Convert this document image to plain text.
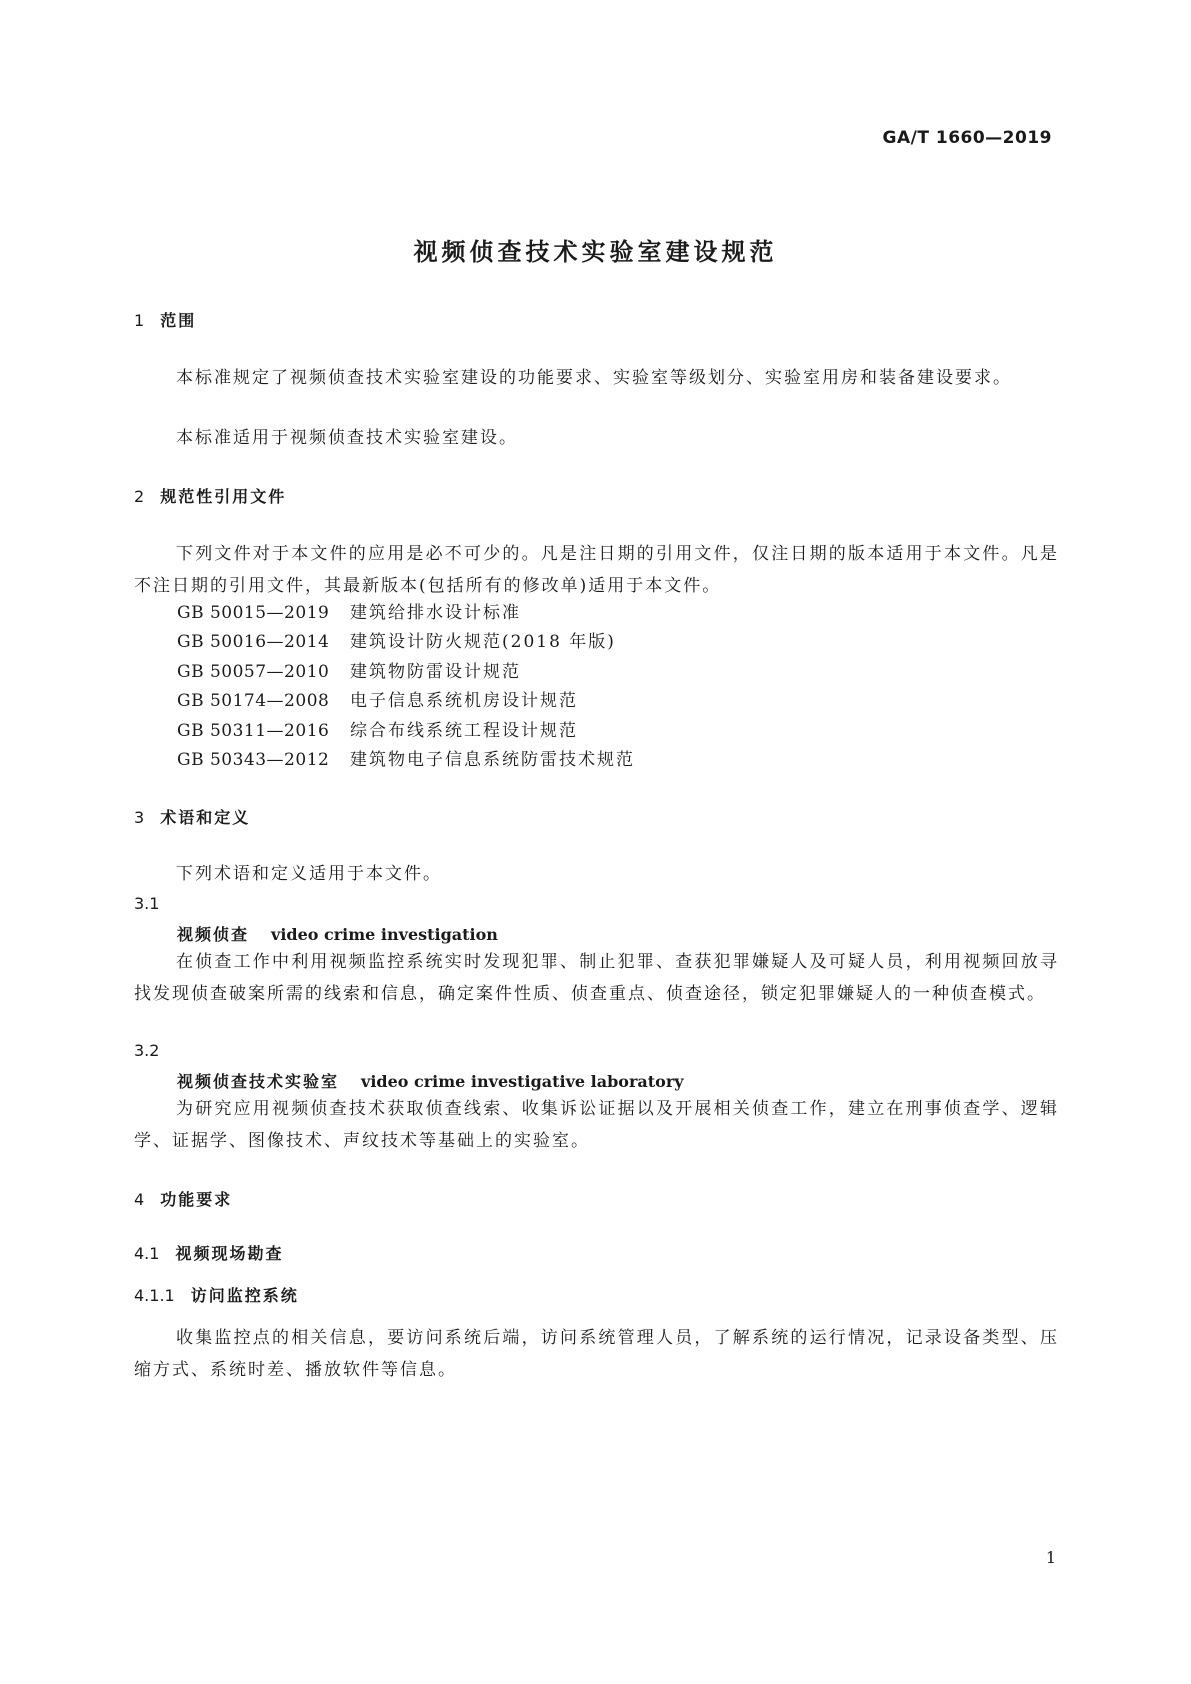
GA/T 1660—2019
视频侦查技术实验室建设规范
1 范围
本标准规定了视频侦查技术实验室建设的功能要求、实验室等级划分、实验室用房和装备建设要求。
本标准适用于视频侦查技术实验室建设。
2 规范性引用文件
下列文件对于本文件的应用是必不可少的。凡是注日期的引用文件，仅注日期的版本适用于本文件。凡是不注日期的引用文件，其最新版本(包括所有的修改单)适用于本文件。
GB 50015—2019 建筑给排水设计标准
GB 50016—2014 建筑设计防火规范(2018 年版)
GB 50057—2010 建筑物防雷设计规范
GB 50174—2008 电子信息系统机房设计规范
GB 50311—2016 综合布线系统工程设计规范
GB 50343—2012 建筑物电子信息系统防雷技术规范
3 术语和定义
下列术语和定义适用于本文件。
3.1
视频侦查 video crime investigation
在侦查工作中利用视频监控系统实时发现犯罪、制止犯罪、查获犯罪嫌疑人及可疑人员，利用视频回放寻找发现侦查破案所需的线索和信息，确定案件性质、侦查重点、侦查途径，锁定犯罪嫌疑人的一种侦查模式。
3.2
视频侦查技术实验室 video crime investigative laboratory
为研究应用视频侦查技术获取侦查线索、收集诉讼证据以及开展相关侦查工作，建立在刑事侦查学、逻辑学、证据学、图像技术、声纹技术等基础上的实验室。
4 功能要求
4.1 视频现场勘查
4.1.1 访问监控系统
收集监控点的相关信息，要访问系统后端，访问系统管理人员，了解系统的运行情况，记录设备类型、压缩方式、系统时差、播放软件等信息。
1
